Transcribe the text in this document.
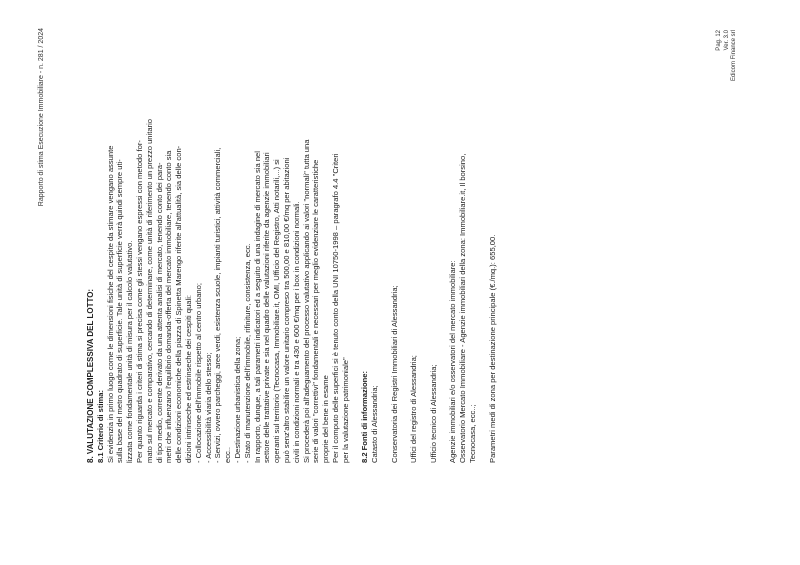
Rapporto di stima Esecuzione Immobiliare - n. 281 / 2024

8. VALUTAZIONE COMPLESSIVA DEL LOTTO: 8.1 Criterio di stima: Si evidenzia in primo luogo come le dimensioni fisiche del cespite da stimare vengano assunte sulla base del metro quadrato di superficie. Tale unità di superficie verrà quindi sempre uti- lizzata come fondamentale unità di misura per il calcolo valutativo. Per quanto riguarda i criteri di stima si precisa come gli stessi vengano espressi con metodo for- mato sul mercato e comparativo, cercando di determinare, come unità di riferimento un prezzo unitario di tipo medio, corrente derivato da una attenta analisi di mercato, tenendo conto dei para- metri che influenzano l'equilibrio domanda-offerta del mercato immobiliare, tenendo conto sia delle condizioni economiche della piazza di Spinetta Marengo riferite all'attualità, sia delle con- dizioni intrinseche ed estrinseche dei cespiti quali: - Collocazione dell'immobile rispetto al centro urbano; - Accessibilità viaria dello stesso; - Servizi, ovvero parcheggi, aree verdi, esistenza scuole, impianti turistici, attività commerciali, ecc.. - Destinazione urbanistica della zona; - Stato di manutenzione dell'immobile, rifiniture, consistenza, ecc. In rapporto, dunque, a tali parametri indicatori ed a seguito di una indagine di mercato sia nel settore delle trattative private e sia nel quadro delle valutazioni riferite da agenzie immobiliari operanti sul territorio (Tecnocasa, Immobiliare.it, OMI, Ufficio del Registro, Atti notarili,...) si può senz'altro stabilire un valore unitario compreso tra 500,00 e 810,00 €/mq per abitazioni civili in condizioni normali e tra 430 e 600 €/mq per i box in condizioni normali. Si procederà poi all'adeguamento del processo valutativo applicando ai valori "normali" tutta una serie di valori "correttivi" fondamentali e necessari per meglio evidenziare le caratteristiche proprie del bene in esame Per il computo delle superfici si è tenuto conto della UNI 10750-1998 – paragrafo 4.4 "Criteri per la valutazione patrimoniale" 8.2 Fonti di informazione: Catasto di Alessandria; Conservatoria dei Registri Immobiliari di Alessandria; Uffici del registro di Alessandria; Ufficio tecnico di Alessandria; Agenzie immobiliari e/o osservatori del mercato immobiliare: Osservatorio Mercato Immobiliare - Agenzie immobiliari della zona: Immobiliare.it, Il borsino, Tecnocasa, ecc..; Parametri medi di zona per destinazione principale (€./mq.): 655,00.

Pag. 12 Ver. 3.0 Edicom Finance srl
